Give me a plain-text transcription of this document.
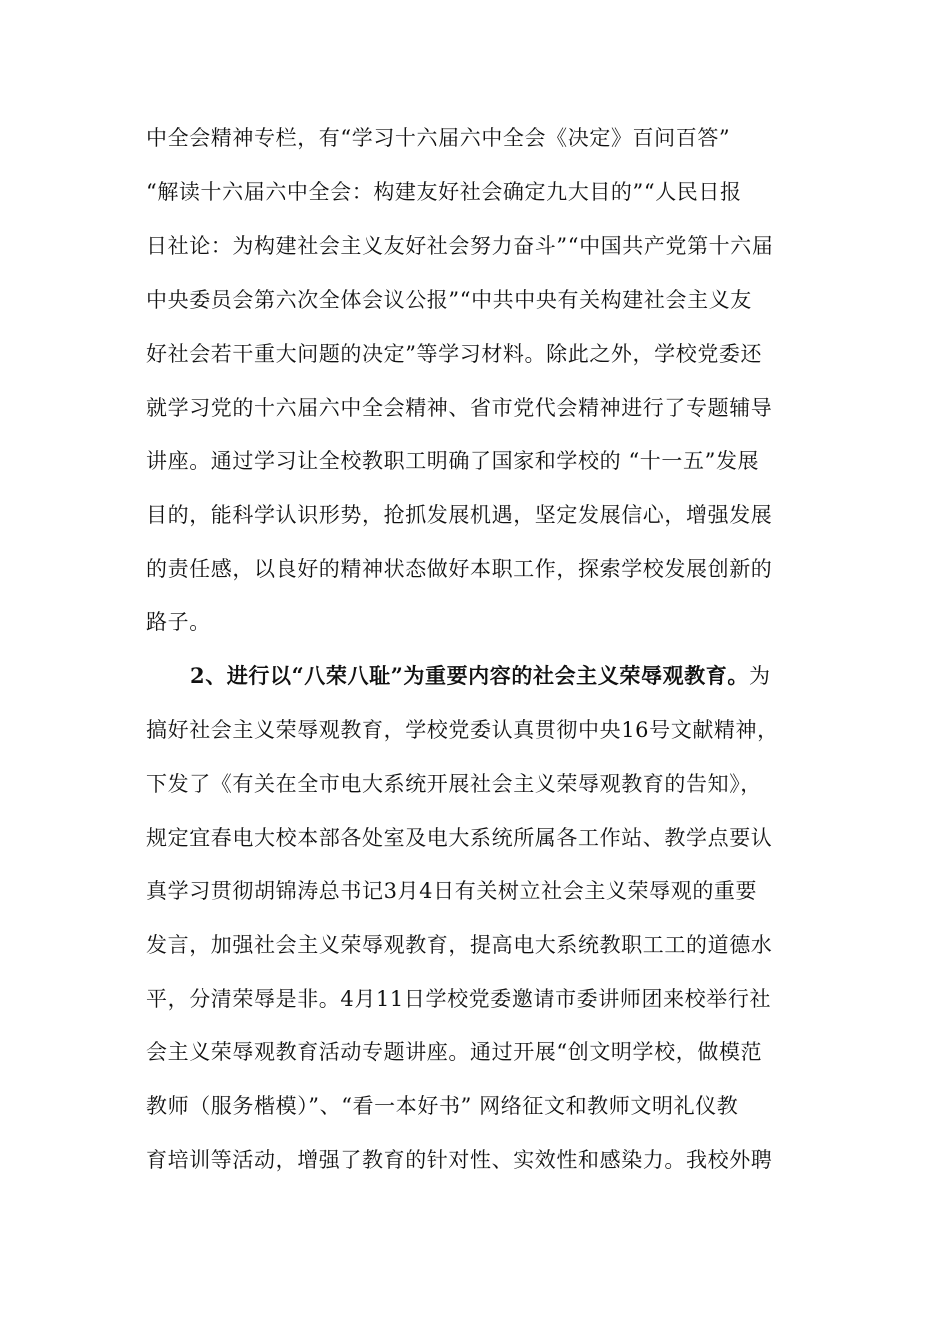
中全会精神专栏，有“学习十六届六中全会《决定》百问百答”
“解读十六届六中全会：构建友好社会确定九大目的”“人民日报
日社论：为构建社会主义友好社会努力奋斗”“中国共产党第十六届
中央委员会第六次全体会议公报”“中共中央有关构建社会主义友
好社会若干重大问题的决定”等学习材料。除此之外，学校党委还
就学习党的十六届六中全会精神、省市党代会精神进行了专题辅导
讲座。通过学习让全校教职工明确了国家和学校的 “十一五”发展
目的，能科学认识形势，抢抓发展机遇，坚定发展信心，增强发展
的责任感，以良好的精神状态做好本职工作，探索学校发展创新的
路子。
2、进行以“八荣八耻”为重要内容的社会主义荣辱观教育。为
搞好社会主义荣辱观教育，学校党委认真贯彻中央16号文献精神，
下发了《有关在全市电大系统开展社会主义荣辱观教育的告知》，
规定宜春电大校本部各处室及电大系统所属各工作站、教学点要认
真学习贯彻胡锦涛总书记3月4日有关树立社会主义荣辱观的重要
发言，加强社会主义荣辱观教育，提高电大系统教职工工的道德水
平，分清荣辱是非。4月11日学校党委邀请市委讲师团来校举行社
会主义荣辱观教育活动专题讲座。通过开展“创文明学校，做模范
教师（服务楷模）”、“看一本好书” 网络征文和教师文明礼仪教
育培训等活动，增强了教育的针对性、实效性和感染力。我校外聘
